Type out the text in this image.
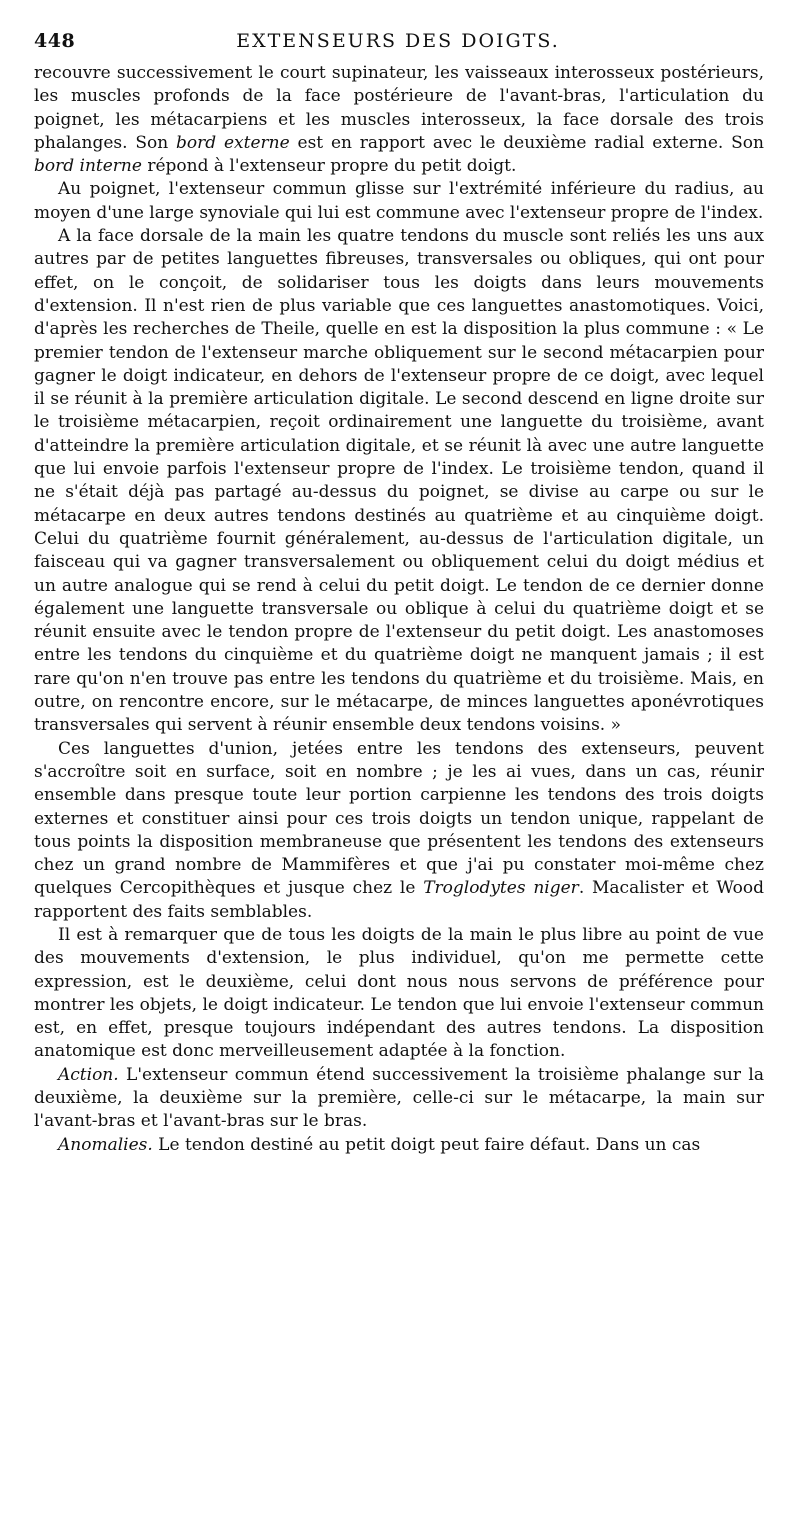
448	EXTENSEURS DES DOIGTS.

recouvre successivement le court supinateur, les vaisseaux interosseux postérieurs, les muscles profonds de la face postérieure de l'avant-bras, l'articulation du poignet, les métacarpiens et les muscles interosseux, la face dorsale des trois phalanges. Son bord externe est en rapport avec le deuxième radial externe. Son bord interne répond à l'extenseur propre du petit doigt.

Au poignet, l'extenseur commun glisse sur l'extrémité inférieure du radius, au moyen d'une large synoviale qui lui est commune avec l'extenseur propre de l'index.

A la face dorsale de la main les quatre tendons du muscle sont reliés les uns aux autres par de petites languettes fibreuses, transversales ou obliques, qui ont pour effet, on le conçoit, de solidariser tous les doigts dans leurs mouvements d'extension. Il n'est rien de plus variable que ces languettes anastomotiques. Voici, d'après les recherches de Theile, quelle en est la disposition la plus commune : « Le premier tendon de l'extenseur marche obliquement sur le second métacarpien pour gagner le doigt indicateur, en dehors de l'extenseur propre de ce doigt, avec lequel il se réunit à la première articulation digitale. Le second descend en ligne droite sur le troisième métacarpien, reçoit ordinairement une languette du troisième, avant d'atteindre la première articulation digitale, et se réunit là avec une autre languette que lui envoie parfois l'extenseur propre de l'index. Le troisième tendon, quand il ne s'était déjà pas partagé au-dessus du poignet, se divise au carpe ou sur le métacarpe en deux autres tendons destinés au quatrième et au cinquième doigt. Celui du quatrième fournit généralement, au-dessus de l'articulation digitale, un faisceau qui va gagner transversalement ou obliquement celui du doigt médius et un autre analogue qui se rend à celui du petit doigt. Le tendon de ce dernier donne également une languette transversale ou oblique à celui du quatrième doigt et se réunit ensuite avec le tendon propre de l'extenseur du petit doigt. Les anastomoses entre les tendons du cinquième et du quatrième doigt ne manquent jamais ; il est rare qu'on n'en trouve pas entre les tendons du quatrième et du troisième. Mais, en outre, on rencontre encore, sur le métacarpe, de minces languettes aponévrotiques transversales qui servent à réunir ensemble deux tendons voisins. »

Ces languettes d'union, jetées entre les tendons des extenseurs, peuvent s'accroître soit en surface, soit en nombre ; je les ai vues, dans un cas, réunir ensemble dans presque toute leur portion carpienne les tendons des trois doigts externes et constituer ainsi pour ces trois doigts un tendon unique, rappelant de tous points la disposition membraneuse que présentent les tendons des extenseurs chez un grand nombre de Mammifères et que j'ai pu constater moi-même chez quelques Cercopithèques et jusque chez le Troglodytes niger. Macalister et Wood rapportent des faits semblables.

Il est à remarquer que de tous les doigts de la main le plus libre au point de vue des mouvements d'extension, le plus individuel, qu'on me permette cette expression, est le deuxième, celui dont nous nous servons de préférence pour montrer les objets, le doigt indicateur. Le tendon que lui envoie l'extenseur commun est, en effet, presque toujours indépendant des autres tendons. La disposition anatomique est donc merveilleusement adaptée à la fonction.

Action. L'extenseur commun étend successivement la troisième phalange sur la deuxième, la deuxième sur la première, celle-ci sur le métacarpe, la main sur l'avant-bras et l'avant-bras sur le bras.

Anomalies. Le tendon destiné au petit doigt peut faire défaut. Dans un cas
